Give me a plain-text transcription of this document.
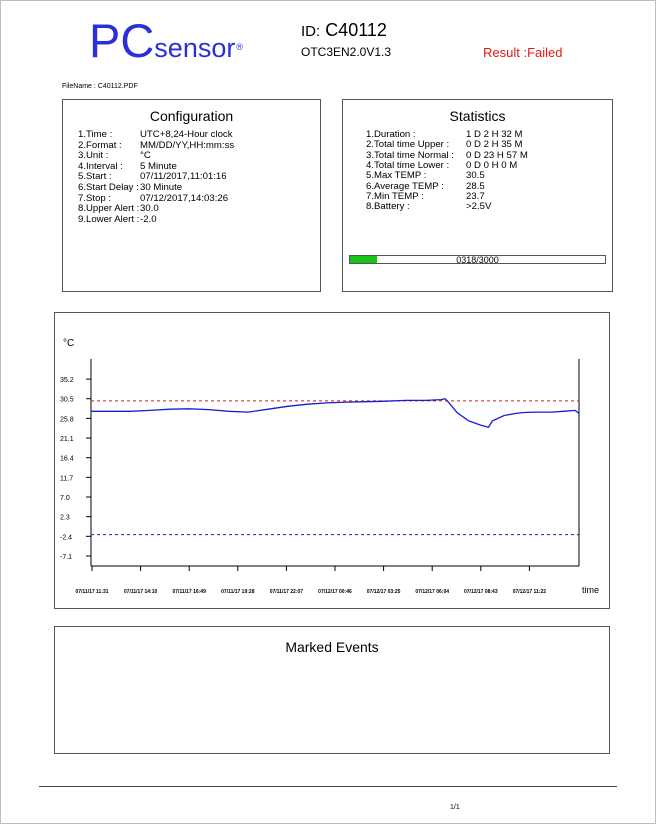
PCsensor®
ID: C40112
OTC3EN2.0V1.3	Result :Failed
FileName : C40112.PDF
Configuration
1.Time :	UTC+8,24-Hour clock
2.Format : MM/DD/YY,HH:mm:ss
3.Unit :	°C
4.Interval : 5 Minute
5.Start :	07/11/2017,11:01:16
6.Start Delay : 30 Minute
7.Stop :	07/12/2017,14:03:26
8.Upper Alert : 30.0
9.Lower Alert : -2.0
Statistics
1.Duration :	1 D 2 H 32 M
2.Total time Upper : 0 D 2 H 35 M
3.Total time Normal : 0 D 23 H 57 M
4.Total time Lower : 0 D 0 H 0 M
5.Max TEMP :	30.5
6.Average TEMP : 28.5
7.Min TEMP :	23.7
8.Battery :	>2.5V
0318/3000
°C
35.2
30.5
25.8
21.1
16.4
11.7
7.0
2.3
-2.4
-7.1
07/11/17 11:31	07/11/17 14:10	07/11/17 16:49	07/11/17 19:28	07/11/17 22:07	07/12/17 00:46	07/12/17 03:25	07/12/17 06:04	07/12/17 08:43	07/12/17 11:22	time
Marked Events
1/1
